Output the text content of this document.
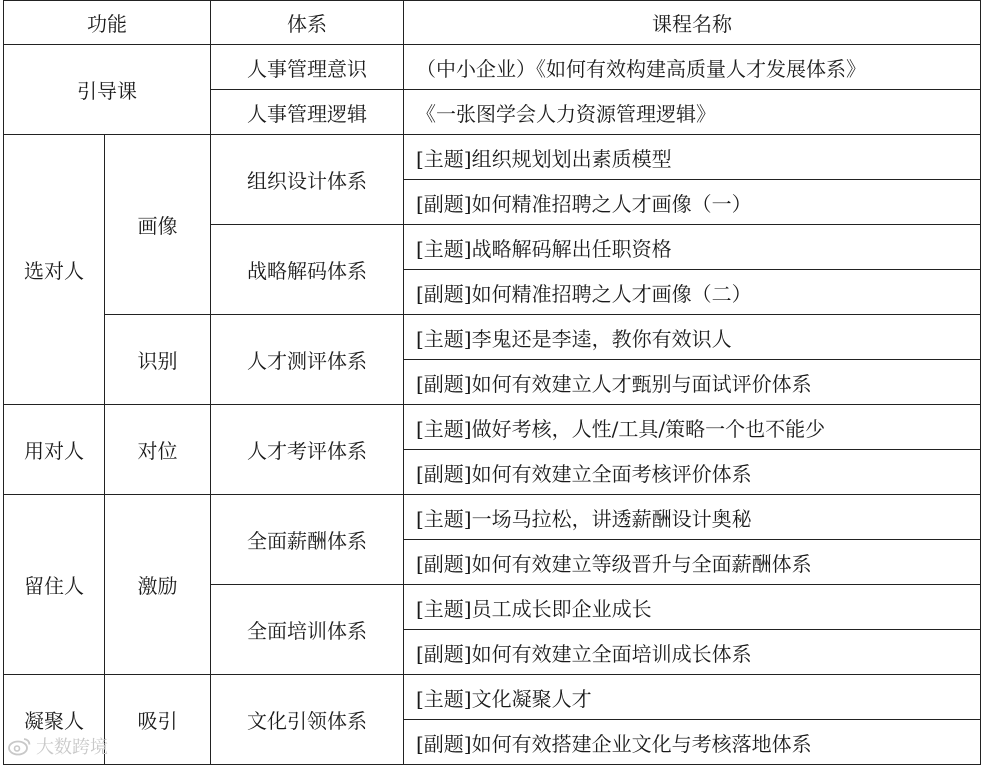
功能		体系	课程名称
引导课		人事管理意识	（中小企业）《如何有效构建高质量人才发展体系》
		人事管理逻辑	《一张图学会人力资源管理逻辑》
选对人	画像	组织设计体系	[主题]组织规划划出素质模型
			[副题]如何精准招聘之人才画像（一）
		战略解码体系	[主题]战略解码解出任职资格
			[副题]如何精准招聘之人才画像（二）
	识别	人才测评体系	[主题]李鬼还是李逵，教你有效识人
			[副题]如何有效建立人才甄别与面试评价体系
用对人	对位	人才考评体系	[主题]做好考核，人性/工具/策略一个也不能少
			[副题]如何有效建立全面考核评价体系
留住人	激励	全面薪酬体系	[主题]一场马拉松，讲透薪酬设计奥秘
			[副题]如何有效建立等级晋升与全面薪酬体系
		全面培训体系	[主题]员工成长即企业成长
			[副题]如何有效建立全面培训成长体系
凝聚人	吸引	文化引领体系	[主题]文化凝聚人才
			[副题]如何有效搭建企业文化与考核落地体系
大数跨境
